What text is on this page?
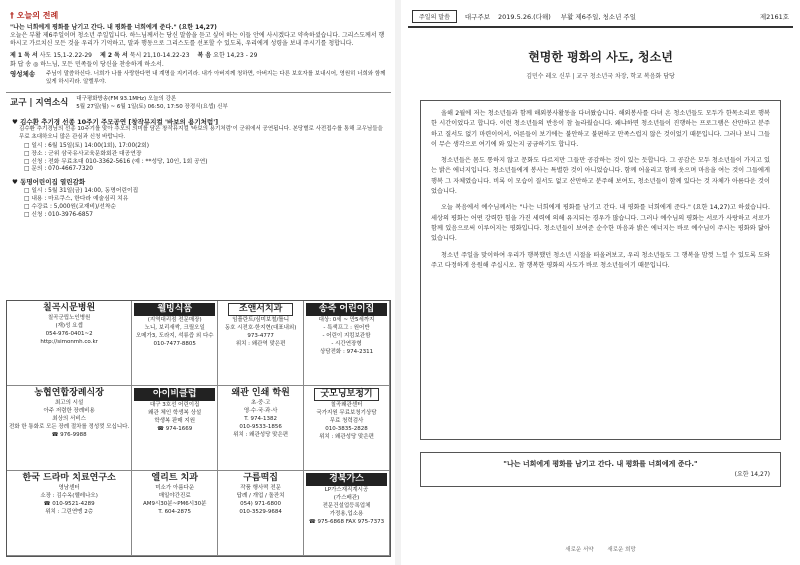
† 오늘의 전례
"나는 너희에게 평화를 남기고 간다. 내 평화를 너희에게 준다." (요한 14,27)
오늘은 부활 제6주일이며 청소년 주일입니다. 하느님께서는 당신 말씀을 듣고 싶어 하는 이들 안에 사시겠다고 약속하셨습니다. 그리스도께서 행하시고 가르치신 모든 것을 우리가 기억하고, 말과 행동으로 그리스도를 선포할 수 있도록, 우리에게 성령을 보내 주시기를 청합니다.
제 1 독 서 사도 15,1-2.22-29 제 2 독 서 묵시 21,10-14.22-23 복 음 요한 14,23 - 29
화 답 송 ◎ 하느님, 모든 민족들이 당신을 찬송하게 하소서.
영성체송	주님이 말씀하신다. 너희가 나를 사랑한다면 내 계명을 지키리라. 내가 아버지께 청하면, 아버지는 다른 보호자를 보내시어, 영원히 너희와 함께 있게 하시리라. 알렐루야.
교구 | 지역소식 대구평화방송(FM 93.1MHz) 오늘의 강론
5월 27일(월) ~ 6월 1일(토) 06:50, 17:50 장경식(요셉) 신부
♥ 김수환 추기경 선종 10주기 주모공연 [창작뮤지컬 '바보의 용기처럼']
김수환 추기경님의 선종 10주기를 맞아 추모의 의미를 담은 창작뮤지컬 '바보의 용기처럼'이 군위에서 공연됩니다. 본당별로 사전접수를 통해 교우님들을 무료 초대하오니 많은 관심과 신청 바랍니다.
□ 일시 : 6월 15일(토) 14:00(1회), 17:00(2회)
□ 장소 : 군위 삼국유사교육문화회관 대공연장
□ 신청 : 전화 무료초대 010-3362-5616 (예 : **성당, 10인, 1회 공연)
□ 문의 : 070-4667-7320
♥ 동명어린이집 열린감화
□ 일시 : 5월 31일(금) 14:00, 동명어린이집
□ 내용 : 마르쿠스, 한다라 예술심리 치유
□ 수강료 : 5,000원(교재비)/선착순
□ 신청 : 010-3976-6857
칠곡시문병원
칠곡군립노인병원
(재)성 요셉
054-976-0401~2
http://simonmh.co.kr
웰빙식품
(지역대리점 전문매장)
노니, 보리새싹, 크릴오일
오메가3, 도라지, 석류즙 외 다수
010-7477-8805
조앤서치과
임플란트/심미보철/틀니
동호 시전호·한지현(대표내외)
973-4777
위치 : 왜관역 맞은편
송죽 어린이집
대상: 0세 ~ 만5세까지
- 특색프그 : 원어반
- 어린이 지킴보관함
- 시간연장형
상담전화 : 974-2311
농협연합장례식장
최고의 시설
아주 저렴한 장례비용
최상의 서비스
전화 한 통화로 모든 장례 절차를 정성껏 모십니다.
☎ 976-9988
아이비클럽
대구 3호선 어린이집
왜관 체인 학생복 상설
학생복 판매 지원
☎ 974-1669
왜관 인쇄 학원
초·중·고
영·수·국·과·사
T. 974-1382
010-9533-1856
위치 : 왜관성당 맞은편
굿모닝보청기
칠곡왜관센터
국가지원 무료보청기상담
무료 청력검사
010-3835-2828
위치 : 왜관성당 맞은편
한국 드라마 치료연구소
영남센터
소장 : 김수옥(헬레나오)
☎ 010-9521-4289
위치 : 그린연맹 2층
엘리트 치과
미소가 아름다운
매일야간진료
AM9시30분~PM6시30분
T. 604-2875
구름떡집
작품 행사떡 전문
답례 / 개업 / 돌잔치
054) 971-6800
010-3529-9684
경북가스
LP가스재직계시공
(가스배관)
전문건설업등록업체
가정용,업소용
☎ 975-6868 FAX 975-7373
주일의 말씀	대구주보 2019.5.26.(다해) 부활 제6주일, 청소년 주일	제2161호
현명한 평화의 사도, 청소년
김민수 레오 신부 | 교구 청소년국 차장, 학교 복음화 담당

올해 2월에 저는 청소년들과 함께 해외봉사활동을 다녀왔습니다. 해외봉사를 다녀 온 청소년들도 모두가 한목소리로 행복한 시간이었다고 합니다. 이런 청소년들의 반응이 참 놀라웠습니다. 왜냐하면 청소년들이 진행하는 프로그램은 산만하고 분주하고 질서도 없기 마련이어서, 어른들이 보기에는 불안하고 불편하고 만족스럽지 않은 것이었기 때문입니다. 그러나 보니 그들이 무슨 생각으로 여기에 와 있는지 궁금하기도 합니다.

청소년들은 몸도 통하지 않고 문화도 다르지만 그들만 공감하는 것이 있는 듯합니다. 그 공감은 모두 청소년들이 가지고 있는 밝은 에너지입니다. 청소년들에게 봉사는 특별한 것이 아니었습니다. 함께 어울리고 함께 웃으며 마음을 여는 것이 그들에게 행복 그 자체였습니다. 비록 이 모습이 질서도 없고 산만하고 분주해 보여도, 청소년들이 함께 있다는 것 자체가 아름다운 것이었습니다.

오늘 복음에서 예수님께서는 "나는 너희에게 평화를 남기고 간다. 내 평화를 너희에게 준다." (요한 14,27)고 하셨습니다. 세상의 평화는 어떤 강력한 힘을 가진 세력에 의해 유지되는 경우가 많습니다. 그러나 예수님의 평화는 서로가 사랑하고 서로가 함께 있음으로써 이루어지는 평화입니다. 청소년들이 보여준 순수한 마음과 밝은 에너지는 바로 예수님이 주시는 평화와 닮아 있습니다.

청소년 주일을 맞이하여 우리가 행복했던 청소년 시절을 떠올려보고, 우리 청소년들도 그 행복을 맘껏 느낄 수 있도록 도와주고 다정하게 응원해 주십시오. 참 행복한 평화의 사도가 바로 청소년들이기 때문입니다.

"나는 너희에게 평화를 남기고 간다. 내 평화를 너희에게 준다."
(요한 14,27)
새로운 서약	새로운 희망
